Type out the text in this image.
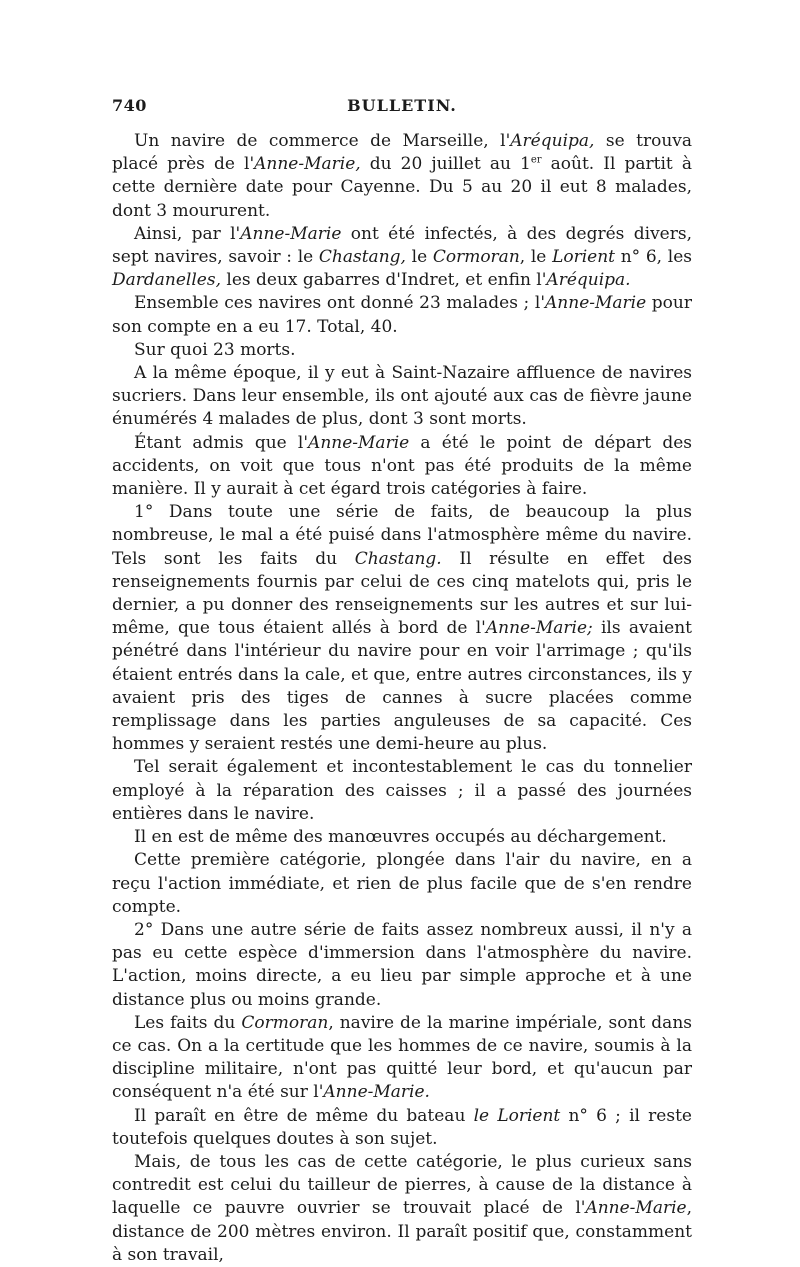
740	BULLETIN.

Un navire de commerce de Marseille, l'Aréquipa, se trouva placé près de l'Anne-Marie, du 20 juillet au 1er août. Il partit à cette dernière date pour Cayenne. Du 5 au 20 il eut 8 malades, dont 3 moururent.

Ainsi, par l'Anne-Marie ont été infectés, à des degrés divers, sept navires, savoir : le Chastang, le Cormoran, le Lorient n° 6, les Dardanelles, les deux gabarres d'Indret, et enfin l'Aréquipa.

Ensemble ces navires ont donné 23 malades ; l'Anne-Marie pour son compte en a eu 17. Total, 40.

Sur quoi 23 morts.

A la même époque, il y eut à Saint-Nazaire affluence de navires sucriers. Dans leur ensemble, ils ont ajouté aux cas de fièvre jaune énumérés 4 malades de plus, dont 3 sont morts.

Étant admis que l'Anne-Marie a été le point de départ des accidents, on voit que tous n'ont pas été produits de la même manière. Il y aurait à cet égard trois catégories à faire.

1° Dans toute une série de faits, de beaucoup la plus nombreuse, le mal a été puisé dans l'atmosphère même du navire. Tels sont les faits du Chastang. Il résulte en effet des renseignements fournis par celui de ces cinq matelots qui, pris le dernier, a pu donner des renseignements sur les autres et sur lui-même, que tous étaient allés à bord de l'Anne-Marie; ils avaient pénétré dans l'intérieur du navire pour en voir l'arrimage ; qu'ils étaient entrés dans la cale, et que, entre autres circonstances, ils y avaient pris des tiges de cannes à sucre placées comme remplissage dans les parties anguleuses de sa capacité. Ces hommes y seraient restés une demi-heure au plus.

Tel serait également et incontestablement le cas du tonnelier employé à la réparation des caisses ; il a passé des journées entières dans le navire.

Il en est de même des manœuvres occupés au déchargement.

Cette première catégorie, plongée dans l'air du navire, en a reçu l'action immédiate, et rien de plus facile que de s'en rendre compte.

2° Dans une autre série de faits assez nombreux aussi, il n'y a pas eu cette espèce d'immersion dans l'atmosphère du navire. L'action, moins directe, a eu lieu par simple approche et à une distance plus ou moins grande.

Les faits du Cormoran, navire de la marine impériale, sont dans ce cas. On a la certitude que les hommes de ce navire, soumis à la discipline militaire, n'ont pas quitté leur bord, et qu'aucun par conséquent n'a été sur l'Anne-Marie.

Il paraît en être de même du bateau le Lorient n° 6 ; il reste toutefois quelques doutes à son sujet.

Mais, de tous les cas de cette catégorie, le plus curieux sans contredit est celui du tailleur de pierres, à cause de la distance à laquelle ce pauvre ouvrier se trouvait placé de l'Anne-Marie, distance de 200 mètres environ. Il paraît positif que, constamment à son travail,
